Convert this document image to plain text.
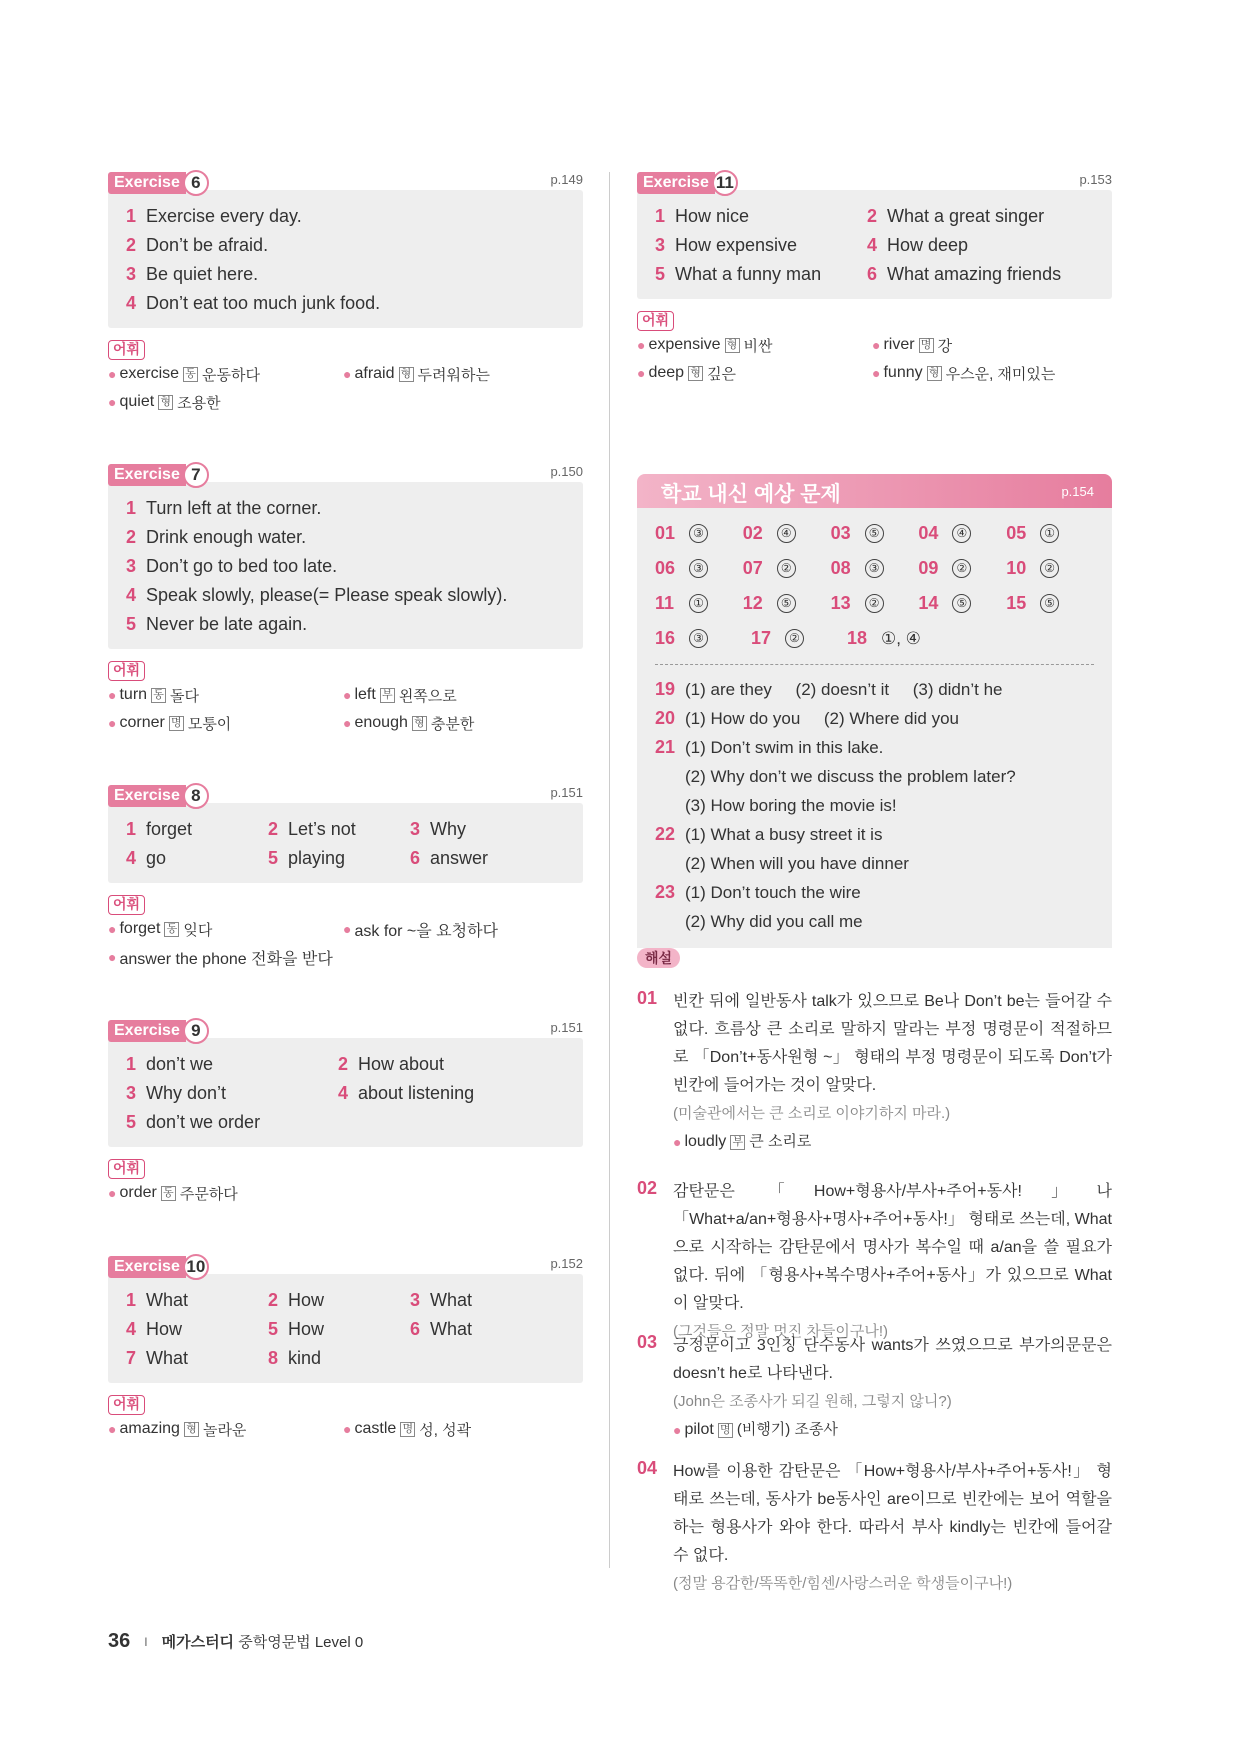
Exercise 6	p.149
1 Exercise every day.
2 Don’t be afraid.
3 Be quiet here.
4 Don’t eat too much junk food.
어휘
● exercise 동 운동하다	● afraid 형 두려워하는
● quiet 형 조용한
Exercise 7	p.150
1 Turn left at the corner.
2 Drink enough water.
3 Don’t go to bed too late.
4 Speak slowly, please(= Please speak slowly).
5 Never be late again.
어휘
● turn 동 돌다	● left 부 왼쪽으로
● corner 명 모퉁이	● enough 형 충분한
Exercise 8	p.151
1 forget	2 Let’s not	3 Why
4 go	5 playing	6 answer
어휘
● forget 동 잊다	● ask for ~을 요청하다
● answer the phone 전화을 받다
Exercise 9	p.151
1 don’t we	2 How about
3 Why don’t	4 about listening
5 don’t we order
어휘
● order 동 주문하다
Exercise 10	p.152
1 What	2 How	3 What
4 How	5 How	6 What
7 What	8 kind
어휘
● amazing 형 놀라운	● castle 명 성, 성곽
Exercise 11	p.153
1 How nice	2 What a great singer
3 How expensive	4 How deep
5 What a funny man	6 What amazing friends
어휘
● expensive 형 비싼	● river 명 강
● deep 형 깊은	● funny 형 우스운, 재미있는
학교 내신 예상 문제	p.154
01	③ 02	④ 03	⑤ 04	④ 05	①
06	③ 07	② 08	③ 09	② 10	②
11	① 12	⑤ 13	② 14	⑤ 15	⑤
16	③	17	②	18 ①, ④
19 (1) are they     (2) doesn’t it     (3) didn’t he
20 (1) How do you     (2) Where did you
21 (1) Don’t swim in this lake.
(2) Why don’t we discuss the problem later?
(3) How boring the movie is!
22 (1) What a busy street it is
(2) When will you have dinner
23 (1) Don’t touch the wire
(2) Why did you call me
해설
01 빈칸 뒤에 일반동사 talk가 있으므로 Be나 Don’t be는 들어갈 수 없다. 흐름상 큰 소리로 말하지 말라는 부정 명령문이 적절하므로 「Don’t+동사원형 ~」 형태의 부정 명령문이 되도록 Don’t가 빈칸에 들어가는 것이 알맞다.
(미술관에서는 큰 소리로 이야기하지 마라.)
● loudly 부 큰 소리로
02 감탄문은 「How+형용사/부사+주어+동사!」나 「What+a/an+형용사+명사+주어+동사!」 형태로 쓰는데, What으로 시작하는 감탄문에서 명사가 복수일 때 a/an을 쓸 필요가 없다. 뒤에 「형용사+복수명사+주어+동사」가 있으므로 What이 알맞다.
(그것들은 정말 멋진 차들이구나!)
03 긍정문이고 3인칭 단수동사 wants가 쓰였으므로 부가의문문은 doesn’t he로 나타낸다.
(John은 조종사가 되길 원해, 그렇지 않니?)
● pilot 명 (비행기) 조종사
04 How를 이용한 감탄문은 「How+형용사/부사+주어+동사!」 형태로 쓰는데, 동사가 be동사인 are이므로 빈칸에는 보어 역할을 하는 형용사가 와야 한다. 따라서 부사 kindly는 빈칸에 들어갈 수 없다.
(정말 용감한/똑똑한/힘센/사랑스러운 학생들이구나!)
36 I 메가스터디 중학영문법 Level 0
